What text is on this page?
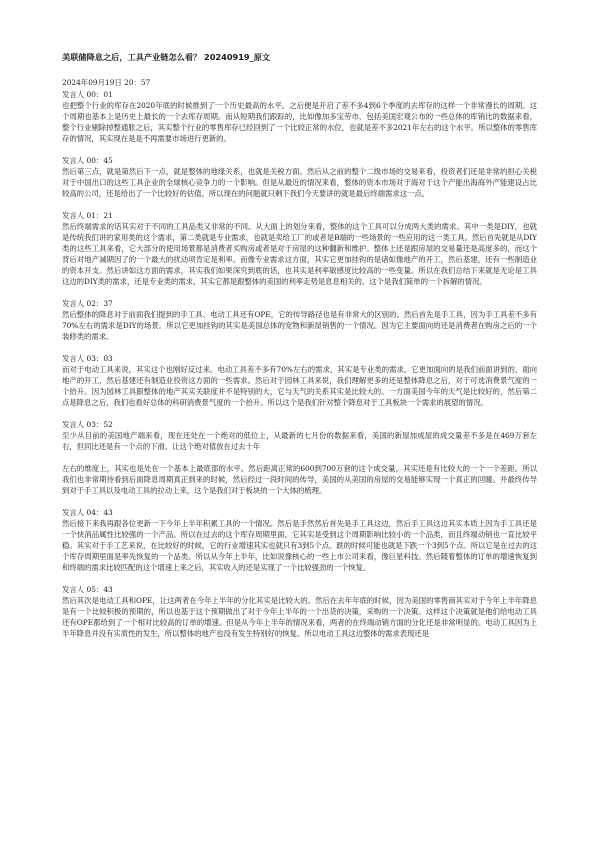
美联储降息之后，工具产业链怎么看？ 20240919_原文
2024年09月19日 20：57
发言人 00：01
也把整个行业的库存在2020年底的时候推到了一个历史最高的水平。之后便是开启了差不多4到6个季度的去库存的这样一个非常漫长的周期。这个周期也基本上是历史上最长的一个去库存周期。而从短期我们跟踪的，比如像加多宝劳市，包括美国宏观公布的一些总体的库销比的数据来看，整个行业剔除掉整通胀之后，其实整个行业的零售库存已经回到了一个比较正常的水位，也就是差不多2021年左右的这个水平。所以整体的零售库存的情况，其实现在是是不再需要市场进行更新的。
发言人 00：45
然后第三点，就是第然后下一点，就是整体的地缘关系，也就是关税方面。然后从之前的整个二级市场的交易来看，投资者们还是非常的担心关税对于中国出口的这些工具企业的全球核心竞争力的一个影响。但是从最近的情况来看，整体的资本市场对于海对于这个产能出海海外产能建设占比较高的公司，还是给出了一个比较好的估值。所以现在的问题就只剩下我们今天要讲的就是最后终端需求这一点。
发言人 01：21
然后终端需求的话其实对于不同的工具品类又非常的不同。从大面上的划分来看，整体的这个工具可以分成两大类的需求。其中一类是DIY，也就是传统我们讲的家用类的这个需求，第二类就是专业需求，也就是卖给工厂的或者是B端的一些场景的一些应用的这一类工具。然后首先就是从DIY类的这些工具来看，它大部分的使用场景都是消费者买购房或者是对于房屋的这种翻新和维护。整体上还是跟房屋的交易量还是高度多的，而这个背后对地产减期因了的一个最大的扰动项肯定是利率。而像专业需求这方面，其实它更加挂钩的是诸如像地产的开工，然后基建，还有一些制造业的资本开支。然后讲如这方面的需求，其实我们如果深究到底的话，也其实是利率敏感度比较高的一些变量。所以在我们总结下来就是无论是工具这边的DIY类的需求，还是专业类的需求，其实它都是跟整体的美国的利率走势是息息相关的。这个是我们简单的一个拆解的情况。
发言人 02：37
然后整体的降息对于前面我们提到的手工具、电动工具还有OPE，它的传导路径也是有非常大的区别的。然后首先是手工具，因为手工具差不多有70%左右的需求是DIY的场景。所以它更加挂钩的其实是美国总体的宠物和新屋销售的一个情况。因为它主要面向的还是消费者在购房之后的一个装修类的需求。
发言人 03：03
而对于电动工具来说，其实这个也刚好反过来。电动工具差不多有70%左右的需求，其实是专业类的需求。它更加面向的是我们前面讲到的，面向地产的开工，然后基建还有制造业投资这方面的一些需求。然后对于园林工具来说，我们理解更多的还是整体降息之后，对于可选消费景气度的一个抬升。因为园林工具跟整体的地产其实关联度并不是特别的大，它与天气的关系其实是比较大的。一方面美国今年的天气是比较好的，然后第二点是降息之后，我们也看好总体的科研消费景气度的一个抬升。所以这个是我们针对整个降息对于工具板块一个需求的展望的情况。
发言人 03：52
至少从目前的美国地产端来看，现在还处在一个绝对的低位上，从最新的七月份的数据来看，美国的新屋加成屋的成交量差不多是在469万套左右，但同比还是有一个点的下滑。让这个绝对值放在过去十年
左右的维度上，其实也是处在一个基本上最底部的水平。然后距离正常的600到700万套的这个成交量，其实还是有比较大的一个一个差距。所以我们也非常期待看到后面降息周期真正到来的时候，然后经过一段时间的传导，美国的从美国的房屋的交易能够实现一个真正的回暖。并最终传导到对于手工具以及电动工具的拉动上来，这个是我们对于板块的一个大体的梳理。
发言人 04：43
然后接下来我再跟各位更新一下今年上半年积累工具的一个情况。然后是手然然后首先是手工具这边，然后手工具这边其实本质上因为手工具还是一个快消品属性比较强的一个产品。所以在过去的这个库存周期里面，它其实是受到这个周期影响比较小的一个品类，而且终端动销也一直比较平稳。其实对于手工艺来说，在比较好的时候，它的行业增速其实也就只有3到5个点。跌的时候可能也就是下跌一个3到5个点。所以它是在过去的这个库存周期里面是率先恢复的一个品类。所以从今年上半年，比如说像核心的一些上市公司来看，像巨星科技。然后随着整体的订单的增速恢复到和终端的需求比较匹配的这个增速上来之后，其实收入的还是实现了一个比较强劲的一个恢复。
发言人 05：43
然后其次是电动工具和OPE，让这两者在今年上半年的分化其实是比较大的。然后在去年年底的时候，因为美国的零售商其实对于今年上半年降息是有一个比较积极的预期的，所以也基于这个预期做出了对于今年上半年的一个出货的决策，采购的一个决策。这样这个决策就是他们给电动工具还有OPE都给到了一个相对比较高的订单的增速。但是从今年上半年的情况来看，两者的在终端动销方面的分化还是非常明显的。电动工具因为上半年降息并没有实质性的发生，所以整体的地产也没有发生特别好的恢复。所以电动工具这边整体的需求表现还是
